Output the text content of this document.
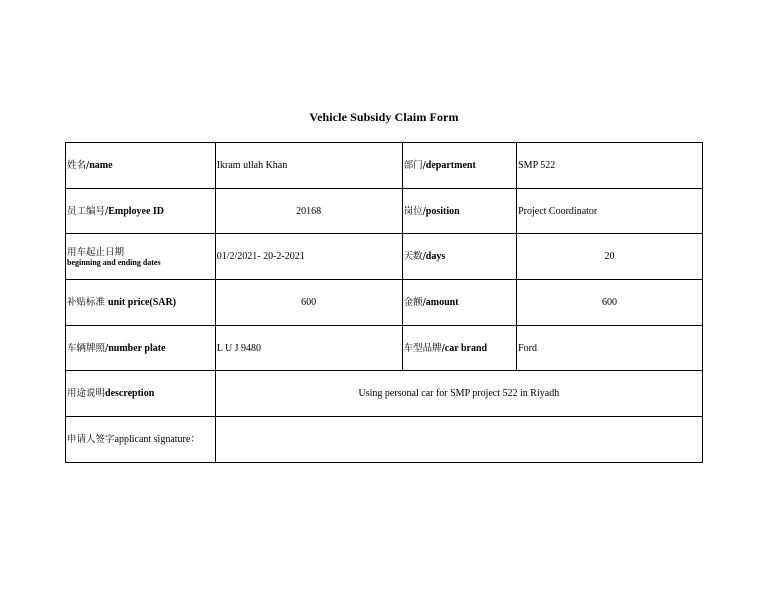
Vehicle Subsidy Claim Form
姓名/name	Ikram ullah Khan	部门/department	SMP 522
员工编号/Employee ID	20168	岗位/position	Project Coordinator

用车起止日期
beginning and ending dates	01/2/2021- 20-2-2021	天数/days	20
补贴标准 unit price(SAR)	600	金额/amount	600
车辆牌照/number plate	L U J 9480	车型品牌/car brand	Ford
用途说明descreption	Using personal car for SMP project 522 in Riyadh		
申请人签字applicant signature：			
